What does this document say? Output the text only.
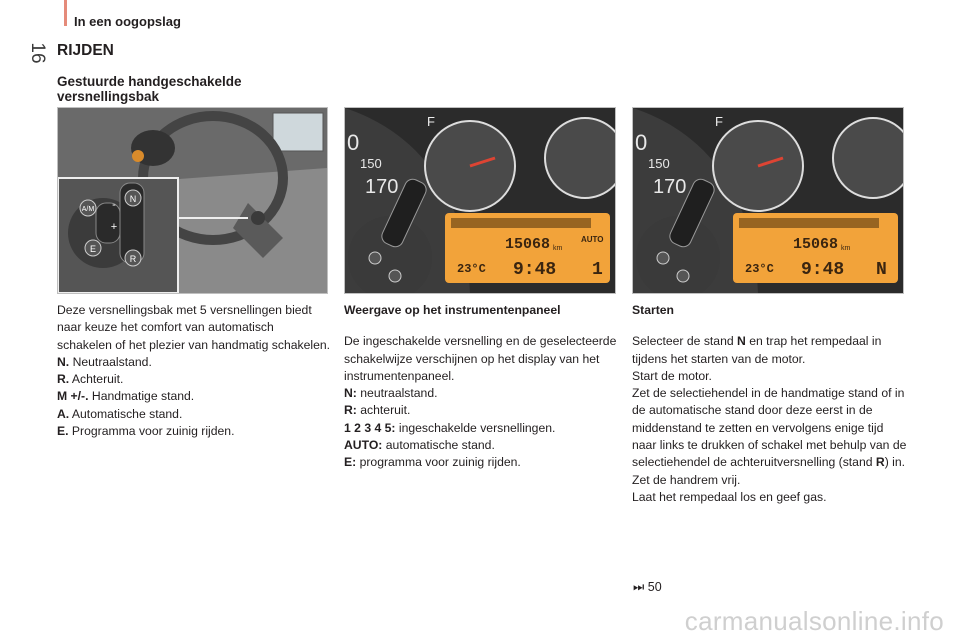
16
In een oogopslag
RIJDEN
Gestuurde handgeschakelde versnellingsbak
N
A/M
E
R
+
-
0
150
170
F
15068 km
AUTO
23°C 9:48 1
0
150
170
F
15068 km
23°C 9:48 N

Deze versnellingsbak met 5 versnellingen biedt naar keuze het comfort van automatisch schakelen of het plezier van handmatig schakelen.

N. Neutraalstand.

R. Achteruit.

M +/-. Handmatige stand.

A. Automatische stand.

E. Programma voor zuinig rijden.

Weergave op het instrumentenpaneel

De ingeschakelde versnelling en de geselecteerde schakelwijze verschijnen op het display van het instrumentenpaneel.

N: neutraalstand.

R: achteruit.

1 2 3 4 5: ingeschakelde versnellingen.

AUTO: automatische stand.

E: programma voor zuinig rijden.

Starten

Selecteer de stand N en trap het rempedaal in tijdens het starten van de motor.

Start de motor.

Zet de selectiehendel in de handmatige stand of in de automatische stand door deze eerst in de middenstand te zetten en vervolgens enige tijd naar links te drukken of schakel met behulp van de selectiehendel de achteruitversnelling (stand R) in.

Zet de handrem vrij.

Laat het rempedaal los en geef gas.

⏭ 50
carmanualsonline.info
